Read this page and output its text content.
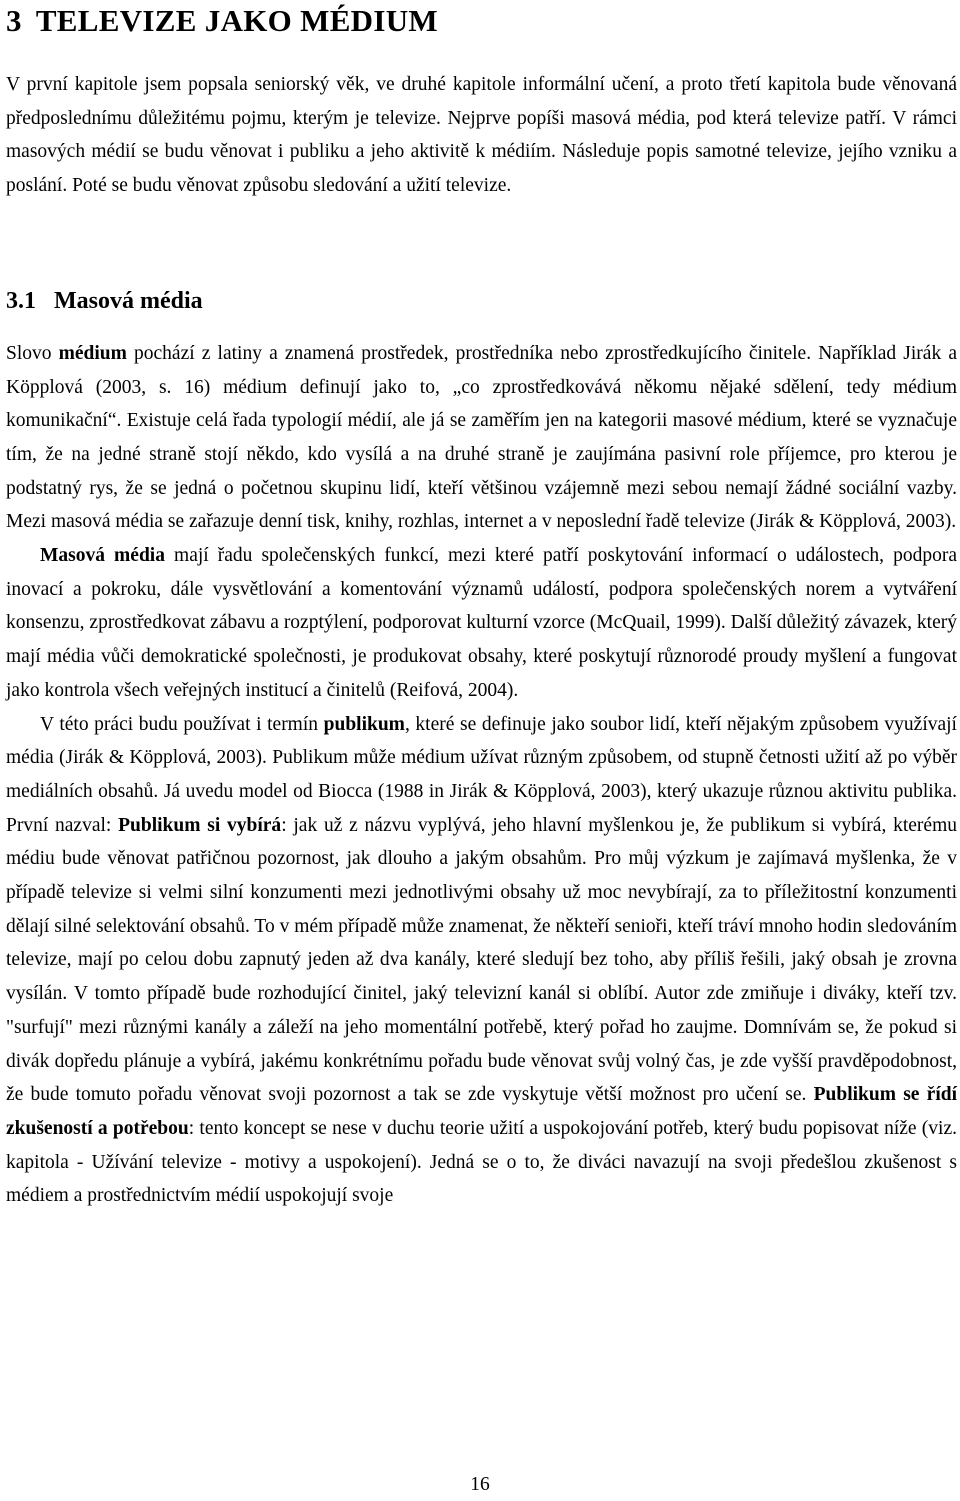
3 TELEVIZE JAKO MÉDIUM

V první kapitole jsem popsala seniorský věk, ve druhé kapitole informální učení, a proto třetí kapitola bude věnovaná předposlednímu důležitému pojmu, kterým je televize. Nejprve popíši masová média, pod která televize patří. V rámci masových médií se budu věnovat i publiku a jeho aktivitě k médiím. Následuje popis samotné televize, jejího vzniku a poslání. Poté se budu věnovat způsobu sledování a užití televize.

3.1 Masová média

Slovo médium pochází z latiny a znamená prostředek, prostředníka nebo zprostředkujícího činitele. Například Jirák a Köpplová (2003, s. 16) médium definují jako to, „co zprostředkovává někomu nějaké sdělení, tedy médium komunikační“. Existuje celá řada typologií médií, ale já se zaměřím jen na kategorii masové médium, které se vyznačuje tím, že na jedné straně stojí někdo, kdo vysílá a na druhé straně je zaujímána pasivní role příjemce, pro kterou je podstatný rys, že se jedná o početnou skupinu lidí, kteří většinou vzájemně mezi sebou nemají žádné sociální vazby. Mezi masová média se zařazuje denní tisk, knihy, rozhlas, internet a v neposlední řadě televize (Jirák & Köpplová, 2003).

Masová média mají řadu společenských funkcí, mezi které patří poskytování informací o událostech, podpora inovací a pokroku, dále vysvětlování a komentování významů událostí, podpora společenských norem a vytváření konsenzu, zprostředkovat zábavu a rozptýlení, podporovat kulturní vzorce (McQuail, 1999). Další důležitý závazek, který mají média vůči demokratické společnosti, je produkovat obsahy, které poskytují různorodé proudy myšlení a fungovat jako kontrola všech veřejných institucí a činitelů (Reifová, 2004).

V této práci budu používat i termín publikum, které se definuje jako soubor lidí, kteří nějakým způsobem využívají média (Jirák & Köpplová, 2003). Publikum může médium užívat různým způsobem, od stupně četnosti užití až po výběr mediálních obsahů. Já uvedu model od Biocca (1988 in Jirák & Köpplová, 2003), který ukazuje různou aktivitu publika. První nazval: Publikum si vybírá: jak už z názvu vyplývá, jeho hlavní myšlenkou je, že publikum si vybírá, kterému médiu bude věnovat patřičnou pozornost, jak dlouho a jakým obsahům. Pro můj výzkum je zajímavá myšlenka, že v případě televize si velmi silní konzumenti mezi jednotlivými obsahy už moc nevybírají, za to příležitostní konzumenti dělají silné selektování obsahů. To v mém případě může znamenat, že někteří senioři, kteří tráví mnoho hodin sledováním televize, mají po celou dobu zapnutý jeden až dva kanály, které sledují bez toho, aby příliš řešili, jaký obsah je zrovna vysílán. V tomto případě bude rozhodující činitel, jaký televizní kanál si oblíbí. Autor zde zmiňuje i diváky, kteří tzv. "surfují" mezi různými kanály a záleží na jeho momentální potřebě, který pořad ho zaujme. Domnívám se, že pokud si divák dopředu plánuje a vybírá, jakému konkrétnímu pořadu bude věnovat svůj volný čas, je zde vyšší pravděpodobnost, že bude tomuto pořadu věnovat svoji pozornost a tak se zde vyskytuje větší možnost pro učení se. Publikum se řídí zkušeností a potřebou: tento koncept se nese v duchu teorie užití a uspokojování potřeb, který budu popisovat níže (viz. kapitola - Užívání televize - motivy a uspokojení). Jedná se o to, že diváci navazují na svoji předešlou zkušenost s médiem a prostřednictvím médií uspokojují svoje

16
